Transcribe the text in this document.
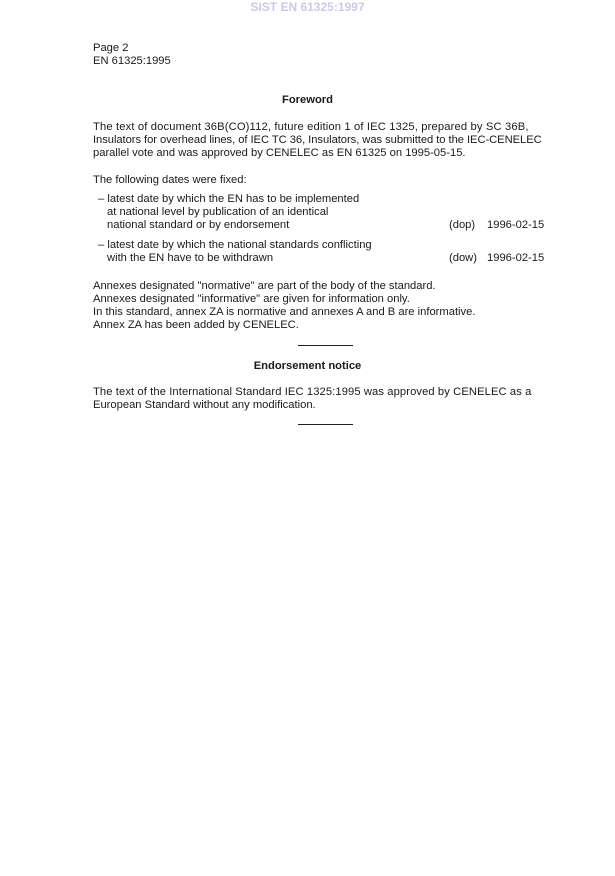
SIST EN 61325:1997
Page 2
EN 61325:1995
Foreword
The text of document 36B(CO)112, future edition 1 of IEC 1325, prepared by SC 36B,
Insulators for overhead lines, of IEC TC 36, Insulators, was submitted to the IEC-CENELEC
parallel vote and was approved by CENELEC as EN 61325 on 1995-05-15.
The following dates were fixed:
– latest date by which the EN has to be implemented
at national level by publication of an identical
national standard or by endorsement	(dop) 1996-02-15
– latest date by which the national standards conflicting
with the EN have to be withdrawn	(dow) 1996-02-15
Annexes designated "normative" are part of the body of the standard.
Annexes designated "informative" are given for information only.
In this standard, annex ZA is normative and annexes A and B are informative.
Annex ZA has been added by CENELEC.
Endorsement notice
The text of the International Standard IEC 1325:1995 was approved by CENELEC as a
European Standard without any modification.
